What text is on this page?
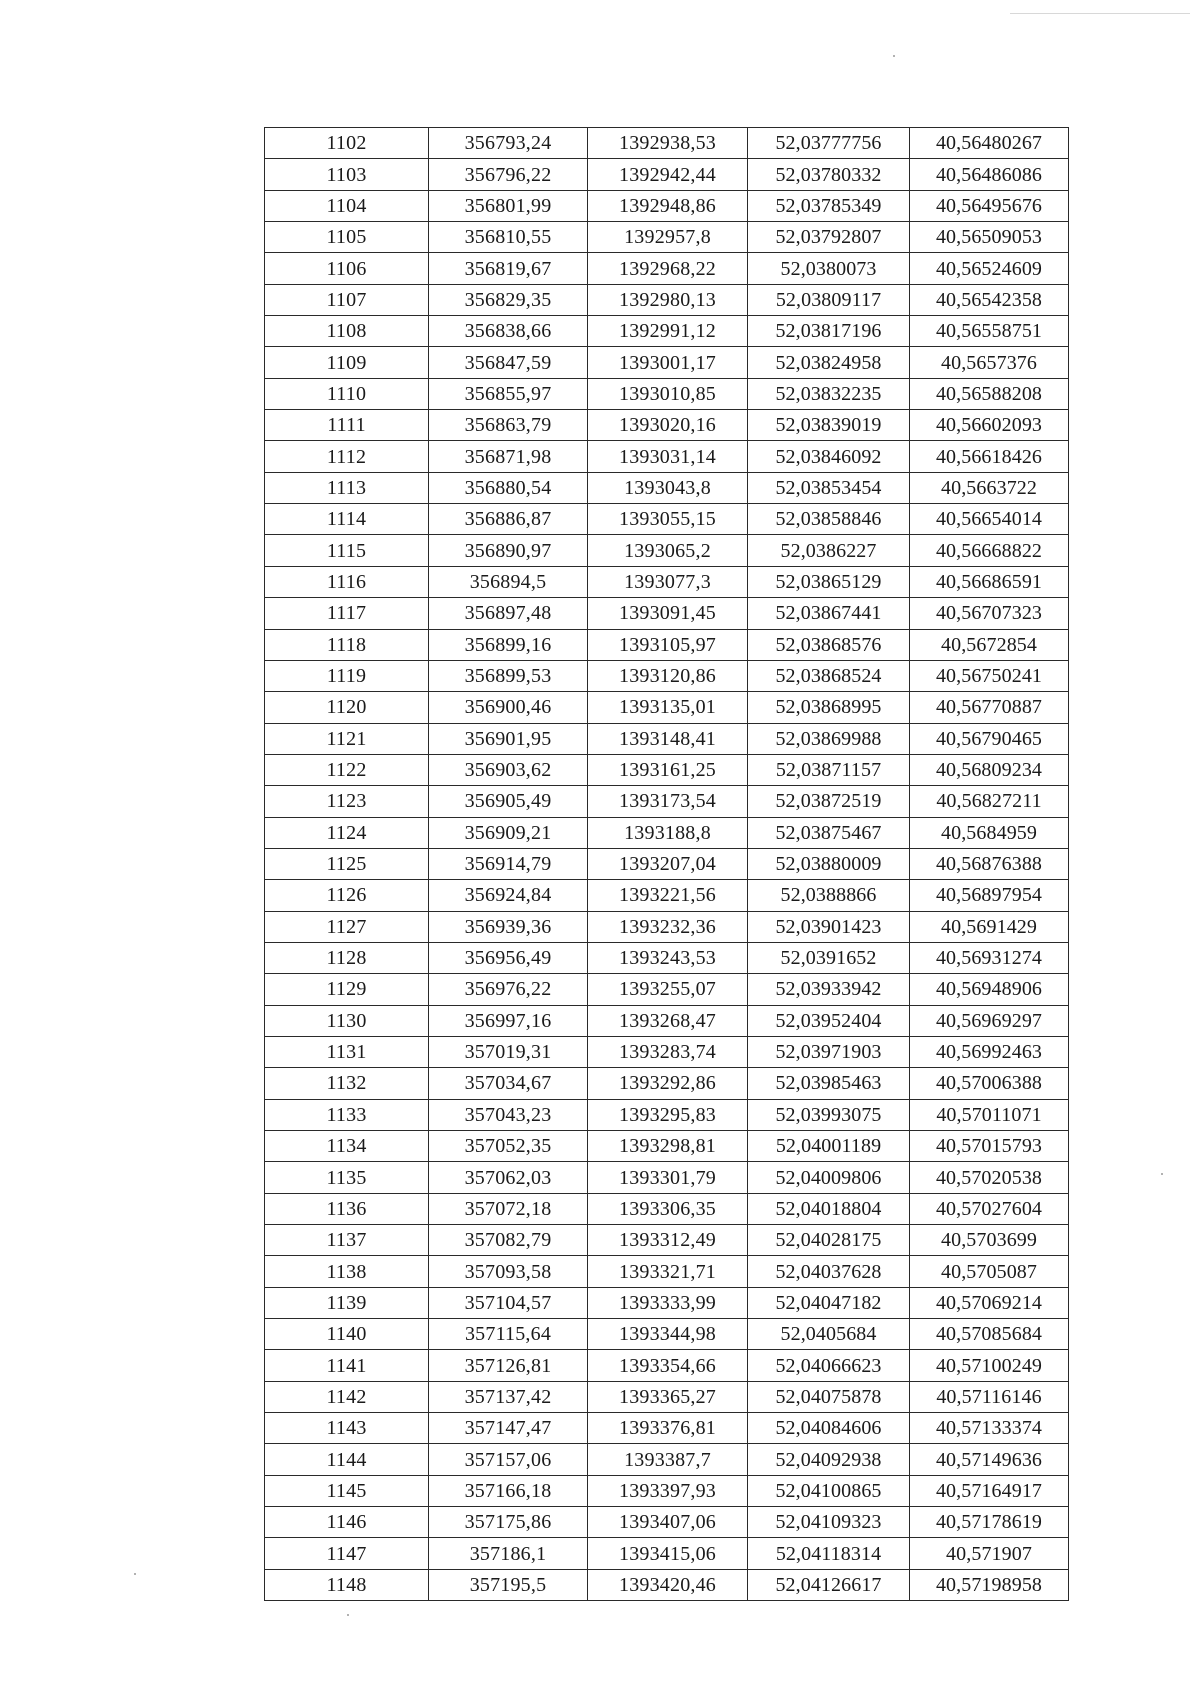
1102	356793,24	1392938,53	52,03777756	40,56480267
1103	356796,22	1392942,44	52,03780332	40,56486086
1104	356801,99	1392948,86	52,03785349	40,56495676
1105	356810,55	1392957,8	52,03792807	40,56509053
1106	356819,67	1392968,22	52,0380073	40,56524609
1107	356829,35	1392980,13	52,03809117	40,56542358
1108	356838,66	1392991,12	52,03817196	40,56558751
1109	356847,59	1393001,17	52,03824958	40,5657376
1110	356855,97	1393010,85	52,03832235	40,56588208
1111	356863,79	1393020,16	52,03839019	40,56602093
1112	356871,98	1393031,14	52,03846092	40,56618426
1113	356880,54	1393043,8	52,03853454	40,5663722
1114	356886,87	1393055,15	52,03858846	40,56654014
1115	356890,97	1393065,2	52,0386227	40,56668822
1116	356894,5	1393077,3	52,03865129	40,56686591
1117	356897,48	1393091,45	52,03867441	40,56707323
1118	356899,16	1393105,97	52,03868576	40,5672854
1119	356899,53	1393120,86	52,03868524	40,56750241
1120	356900,46	1393135,01	52,03868995	40,56770887
1121	356901,95	1393148,41	52,03869988	40,56790465
1122	356903,62	1393161,25	52,03871157	40,56809234
1123	356905,49	1393173,54	52,03872519	40,56827211
1124	356909,21	1393188,8	52,03875467	40,5684959
1125	356914,79	1393207,04	52,03880009	40,56876388
1126	356924,84	1393221,56	52,0388866	40,56897954
1127	356939,36	1393232,36	52,03901423	40,5691429
1128	356956,49	1393243,53	52,0391652	40,56931274
1129	356976,22	1393255,07	52,03933942	40,56948906
1130	356997,16	1393268,47	52,03952404	40,56969297
1131	357019,31	1393283,74	52,03971903	40,56992463
1132	357034,67	1393292,86	52,03985463	40,57006388
1133	357043,23	1393295,83	52,03993075	40,57011071
1134	357052,35	1393298,81	52,04001189	40,57015793
1135	357062,03	1393301,79	52,04009806	40,57020538
1136	357072,18	1393306,35	52,04018804	40,57027604
1137	357082,79	1393312,49	52,04028175	40,5703699
1138	357093,58	1393321,71	52,04037628	40,5705087
1139	357104,57	1393333,99	52,04047182	40,57069214
1140	357115,64	1393344,98	52,0405684	40,57085684
1141	357126,81	1393354,66	52,04066623	40,57100249
1142	357137,42	1393365,27	52,04075878	40,57116146
1143	357147,47	1393376,81	52,04084606	40,57133374
1144	357157,06	1393387,7	52,04092938	40,57149636
1145	357166,18	1393397,93	52,04100865	40,57164917
1146	357175,86	1393407,06	52,04109323	40,57178619
1147	357186,1	1393415,06	52,04118314	40,571907
1148	357195,5	1393420,46	52,04126617	40,57198958
